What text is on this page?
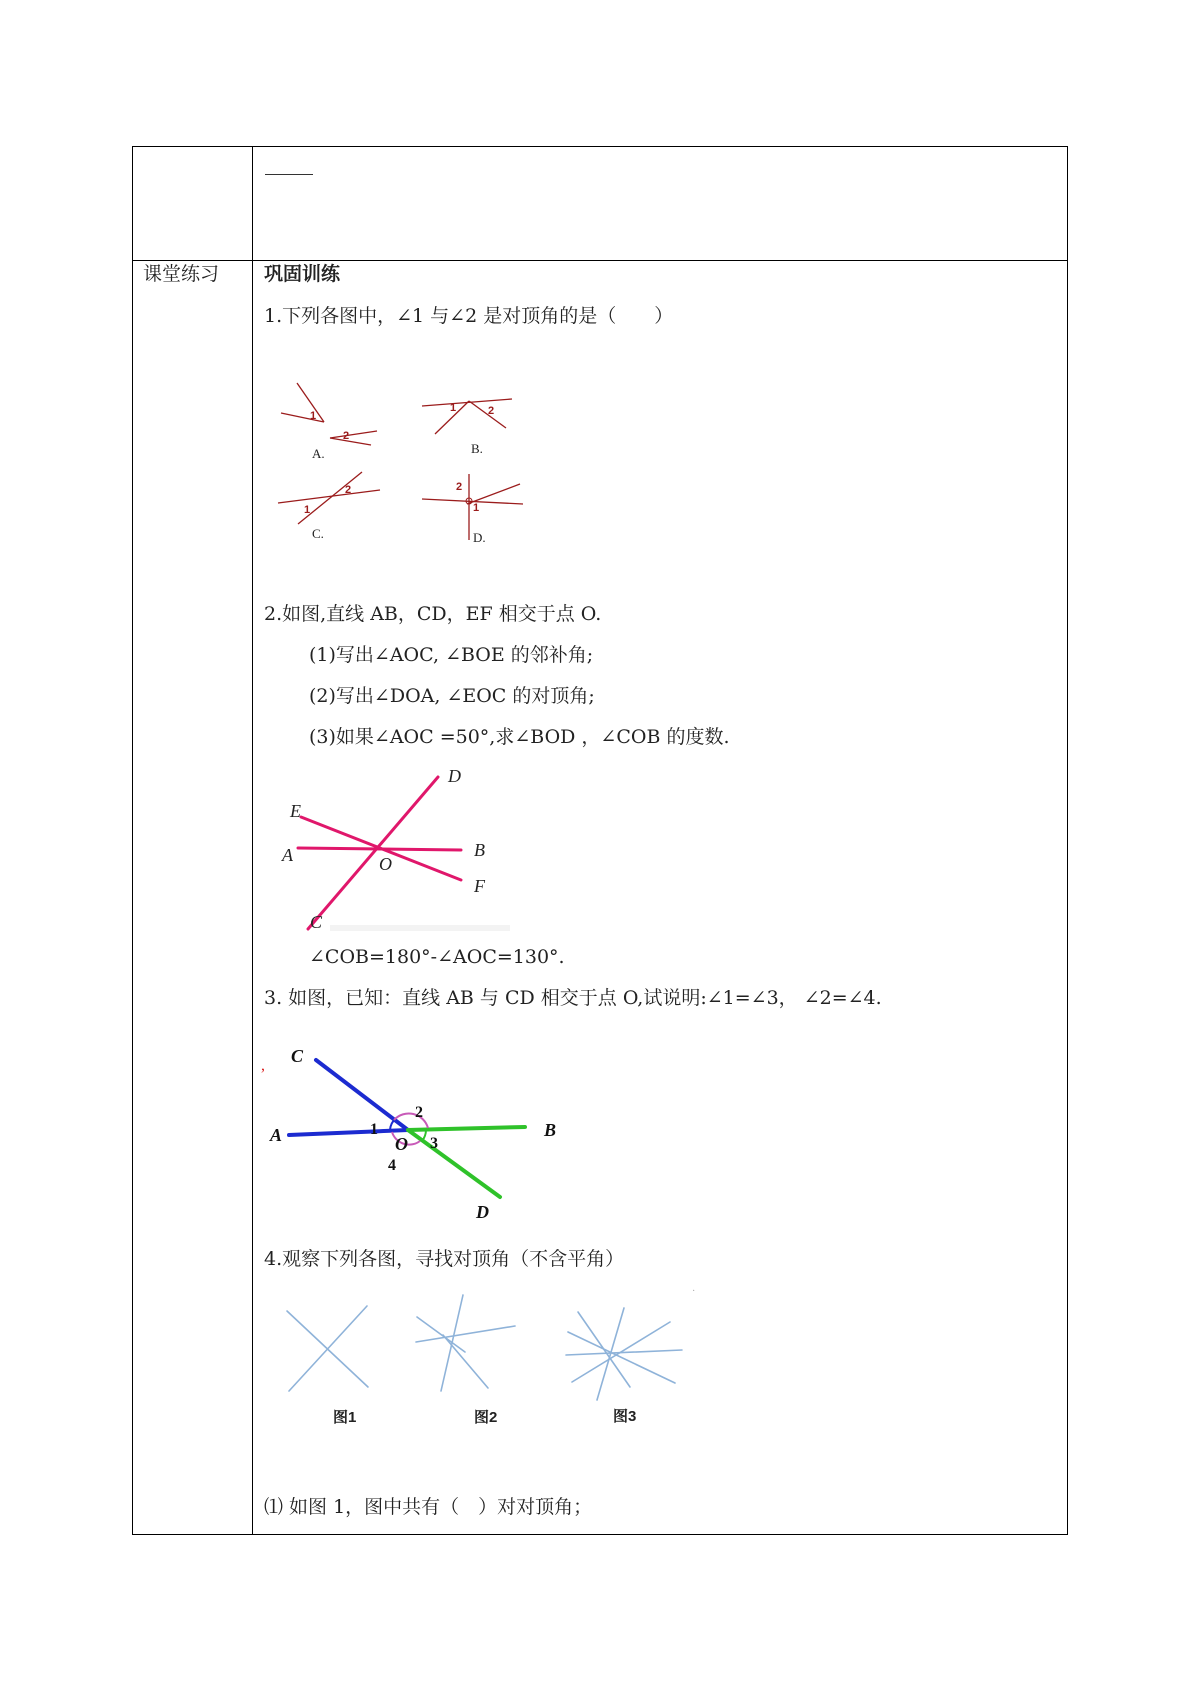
课堂练习 巩固训练
1.下列各图中，∠1 与∠2 是对顶角的是（　　）
1
2
1	2
1
2	2
1
A.	B.
C.	D.
2.如图,直线 AB，CD，EF 相交于点 O.
(1)写出∠AOC, ∠BOE 的邻补角;
(2)写出∠DOA, ∠EOC 的对顶角;
(3)如果∠AOC =50°,求∠BOD ，∠COB 的度数.
D
E
A	B
O
F
C
∠COB=180°-∠AOC=130°.
3. 如图，已知：直线 AB 与 CD 相交于点 O,试说明:∠1=∠3， ∠2=∠4.
, C
A	B
D
O
1
2
3
4
4.观察下列各图，寻找对顶角（不含平角）
·
图1	图2	图3
⑴ 如图 1，图中共有（　）对对顶角；
